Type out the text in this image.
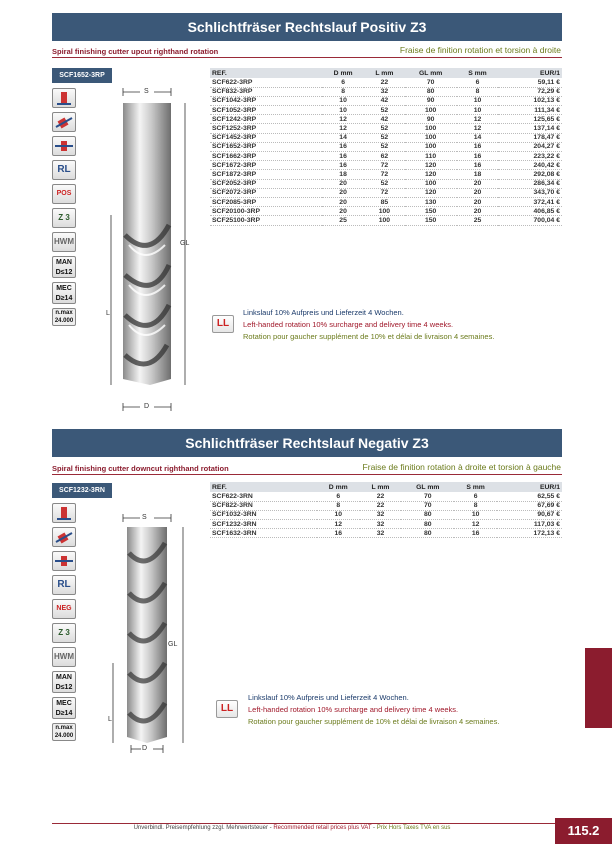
Schlichtfräser Rechtslauf Positiv Z3
Spiral finishing cutter upcut righthand rotation	Fraise de finition rotation et torsion à droite
SCF1652-3RP
RL
POS
Z 3
HWM
MAN
D≤12
MEC
D≥14
n.max
24.000
S
GL
L
D
REF.	D mm	L mm	GL mm	S mm	EUR/1
SCF622-3RP	6	22	70	6	59,11 €
SCF832-3RP	8	32	80	8	72,29 €
SCF1042-3RP	10	42	90	10	102,13 €
SCF1052-3RP	10	52	100	10	111,34 €
SCF1242-3RP	12	42	90	12	125,65 €
SCF1252-3RP	12	52	100	12	137,14 €
SCF1452-3RP	14	52	100	14	178,47 €
SCF1652-3RP	16	52	100	16	204,27 €
SCF1662-3RP	16	62	110	16	223,22 €
SCF1672-3RP	16	72	120	16	240,42 €
SCF1872-3RP	18	72	120	18	292,08 €
SCF2052-3RP	20	52	100	20	286,34 €
SCF2072-3RP	20	72	120	20	343,70 €
SCF2085-3RP	20	85	130	20	372,41 €
SCF20100-3RP	20	100	150	20	406,85 €
SCF25100-3RP	25	100	150	25	700,04 €
LL
Linkslauf 10% Aufpreis und Lieferzeit 4 Wochen.
Left-handed rotation 10% surcharge and delivery time 4 weeks.
Rotation pour gaucher supplément de 10% et délai de livraison 4 semaines.
Schlichtfräser Rechtslauf Negativ Z3
Spiral finishing cutter downcut righthand rotation	Fraise de finition rotation à droite et torsion à gauche
SCF1232-3RN
RL
NEG
Z 3
HWM
MAN
D≤12
MEC
D≥14
n.max
24.000
S
GL
L
D
REF.	D mm	L mm	GL mm	S mm	EUR/1
SCF622-3RN	6	22	70	6	62,55 €
SCF822-3RN	8	22	70	8	67,69 €
SCF1032-3RN	10	32	80	10	90,67 €
SCF1232-3RN	12	32	80	12	117,03 €
SCF1632-3RN	16	32	80	16	172,13 €
LL
Linkslauf 10% Aufpreis und Lieferzeit 4 Wochen.
Left-handed rotation 10% surcharge and delivery time 4 weeks.
Rotation pour gaucher supplément de 10% et délai de livraison 4 semaines.
Unverbindl. Preisempfehlung zzgl. Mehrwertsteuer - Recommended retail prices plus VAT - Prix Hors Taxes TVA en sus	115.2
